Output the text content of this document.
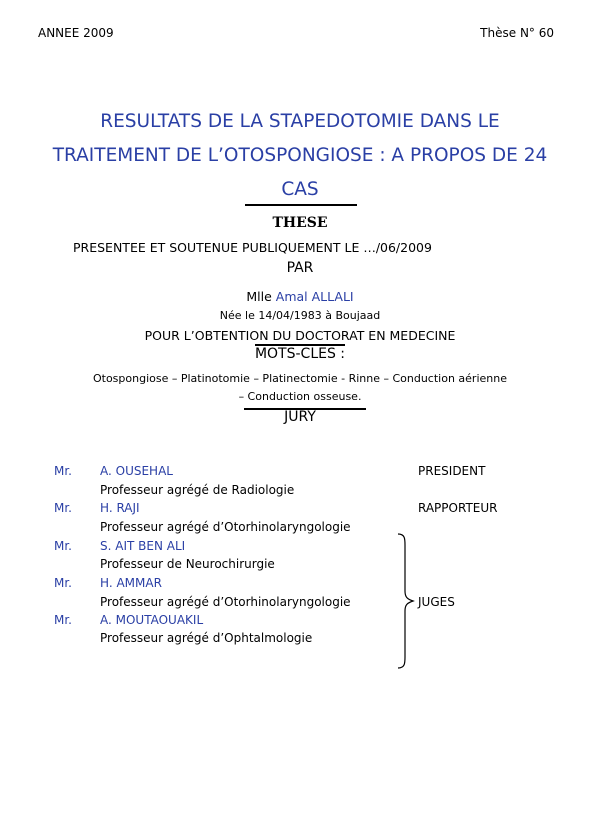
ANNEE 2009	Thèse N° 60
RESULTATS DE LA STAPEDOTOMIE DANS LE TRAITEMENT DE L’OTOSPONGIOSE : A PROPOS DE 24 CAS
THESE
PRESENTEE ET SOUTENUE PUBLIQUEMENT LE …/06/2009
PAR
Mlle Amal ALLALI
Née le 14/04/1983 à Boujaad
POUR L’OBTENTION DU DOCTORAT EN MEDECINE
MOTS-CLES :
Otospongiose – Platinotomie – Platinectomie - Rinne – Conduction aérienne
– Conduction osseuse.
JURY
Mr. A. OUSEHAL	PRESIDENT
Professeur agrégé de Radiologie
Mr. H. RAJI	RAPPORTEUR
Professeur agrégé d’Otorhinolaryngologie
Mr. S. AIT BEN ALI
Professeur de Neurochirurgie
Mr. H. AMMAR
Professeur agrégé d’Otorhinolaryngologie
Mr. A. MOUTAOUAKIL
Professeur agrégé d’Ophtalmologie
JUGES
